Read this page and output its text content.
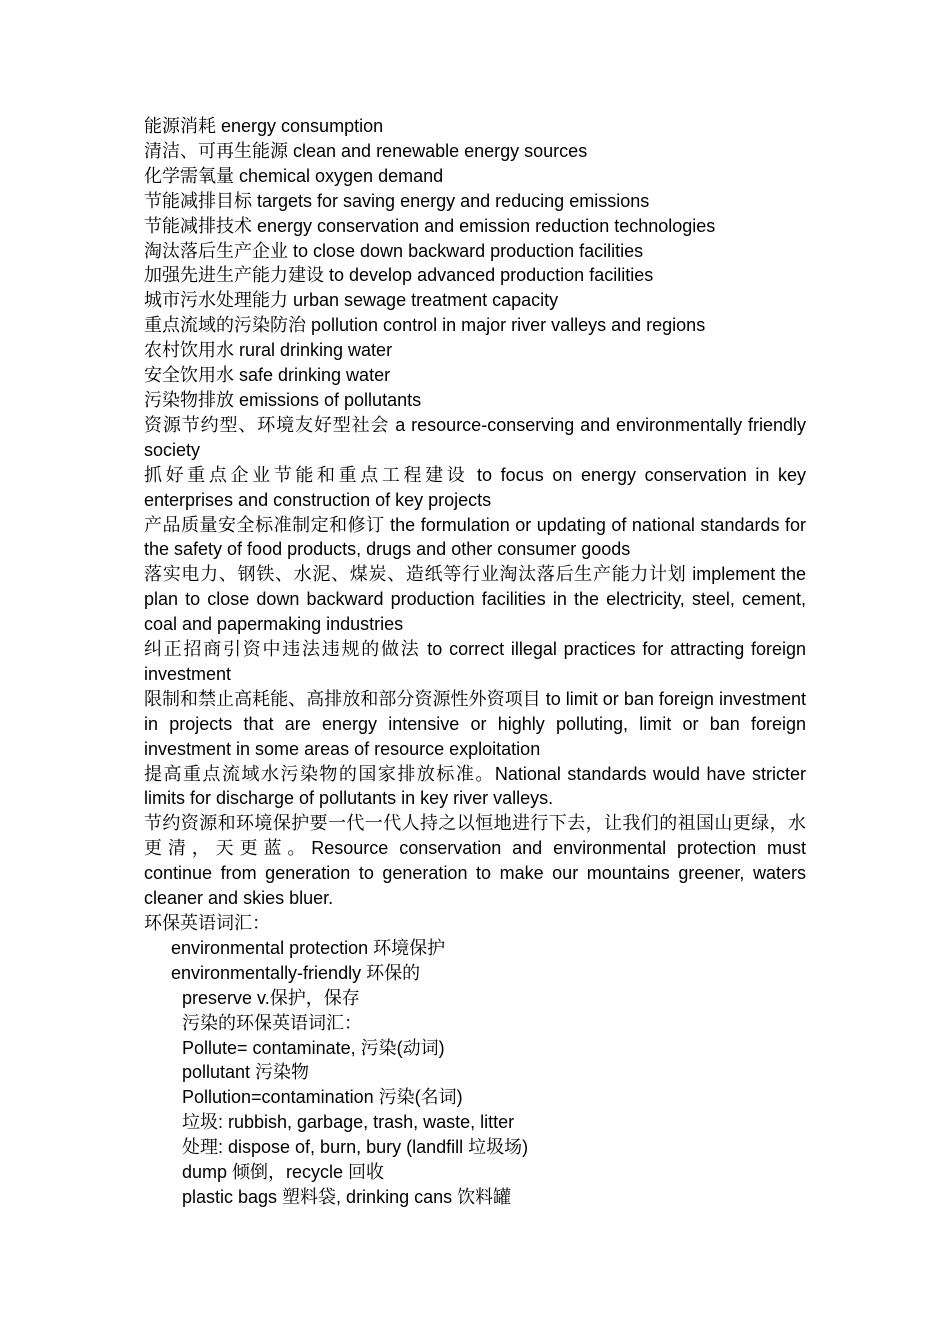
能源消耗 energy consumption
清洁、可再生能源 clean and renewable energy sources
化学需氧量 chemical oxygen demand
节能减排目标 targets for saving energy and reducing emissions
节能减排技术 energy conservation and emission reduction technologies
淘汰落后生产企业 to close down backward production facilities
加强先进生产能力建设 to develop advanced production facilities
城市污水处理能力 urban sewage treatment capacity
重点流域的污染防治 pollution control in major river valleys and regions
农村饮用水 rural drinking water
安全饮用水 safe drinking water
污染物排放 emissions of pollutants
资源节约型、环境友好型社会 a resource-conserving and environmentally friendly society
抓好重点企业节能和重点工程建设 to focus on energy conservation in key enterprises and construction of key projects
产品质量安全标准制定和修订 the formulation or updating of national standards for the safety of food products, drugs and other consumer goods
落实电力、钢铁、水泥、煤炭、造纸等行业淘汰落后生产能力计划 implement the plan to close down backward production facilities in the electricity, steel, cement, coal and papermaking industries
纠正招商引资中违法违规的做法 to correct illegal practices for attracting foreign investment
限制和禁止高耗能、高排放和部分资源性外资项目 to limit or ban foreign investment in projects that are energy intensive or highly polluting, limit or ban foreign investment in some areas of resource exploitation
提高重点流域水污染物的国家排放标准。National standards would have stricter limits for discharge of pollutants in key river valleys.
节约资源和环境保护要一代一代人持之以恒地进行下去，让我们的祖国山更绿，水更清，天更蓝。Resource conservation and environmental protection must continue from generation to generation to make our mountains greener, waters cleaner and skies bluer.
环保英语词汇：
environmental protection 环境保护
environmentally-friendly 环保的
preserve v.保护，保存
污染的环保英语词汇：
Pollute= contaminate, 污染(动词)
pollutant 污染物
Pollution=contamination 污染(名词)
垃圾: rubbish, garbage, trash, waste, litter
处理: dispose of, burn, bury (landfill 垃圾场)
dump 倾倒，recycle 回收
plastic bags 塑料袋, drinking cans 饮料罐
